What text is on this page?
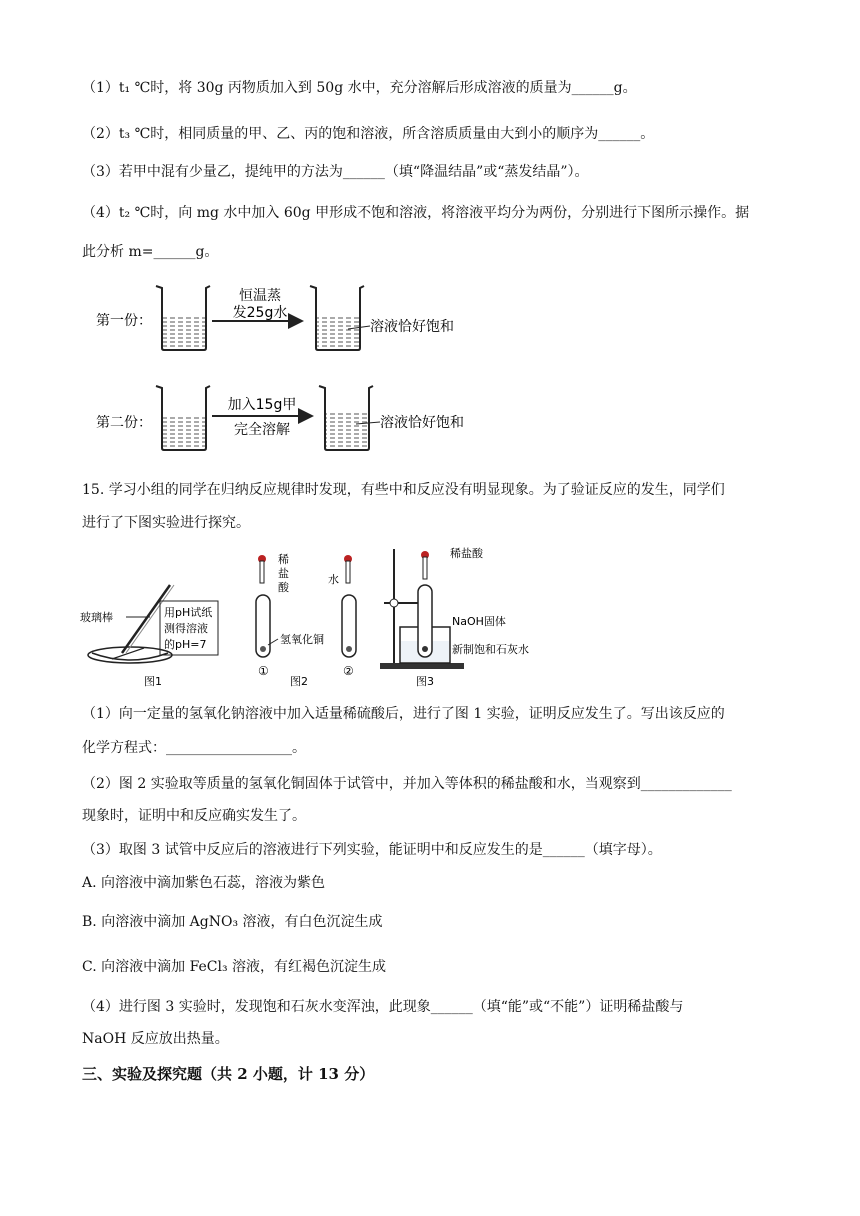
（1）t₁ ℃时，将 30g 丙物质加入到 50g 水中，充分溶解后形成溶液的质量为______g。
（2）t₃ ℃时，相同质量的甲、乙、丙的饱和溶液，所含溶质质量由大到小的顺序为______。
（3）若甲中混有少量乙，提纯甲的方法为______（填“降温结晶”或“蒸发结晶”）。
（4）t₂ ℃时，向 mg 水中加入 60g 甲形成不饱和溶液，将溶液平均分为两份，分别进行下图所示操作。据
此分析 m=______g。
第一份：
恒温蒸
发25g水
溶液恰好饱和
第二份：
加入15g甲
完全溶解	溶液恰好饱和
15. 学习小组的同学在归纳反应规律时发现，有些中和反应没有明显现象。为了验证反应的发生，同学们
进行了下图实验进行探究。
玻璃棒	用pH试纸
测得溶液
的pH=7
图1
稀
盐
酸
①
水
氢氧化铜
②
图2
稀盐酸
NaOH固体
新制饱和石灰水
图3
（1）向一定量的氢氧化钠溶液中加入适量稀硫酸后，进行了图 1 实验，证明反应发生了。写出该反应的
化学方程式：__________________。
（2）图 2 实验取等质量的氢氧化铜固体于试管中，并加入等体积的稀盐酸和水，当观察到_____________
现象时，证明中和反应确实发生了。
（3）取图 3 试管中反应后的溶液进行下列实验，能证明中和反应发生的是______（填字母）。
A. 向溶液中滴加紫色石蕊，溶液为紫色
B. 向溶液中滴加 AgNO₃ 溶液，有白色沉淀生成
C. 向溶液中滴加 FeCl₃ 溶液，有红褐色沉淀生成
（4）进行图 3 实验时，发现饱和石灰水变浑浊，此现象______（填“能”或“不能”）证明稀盐酸与
NaOH 反应放出热量。
三、实验及探究题（共 2 小题，计 13 分）
